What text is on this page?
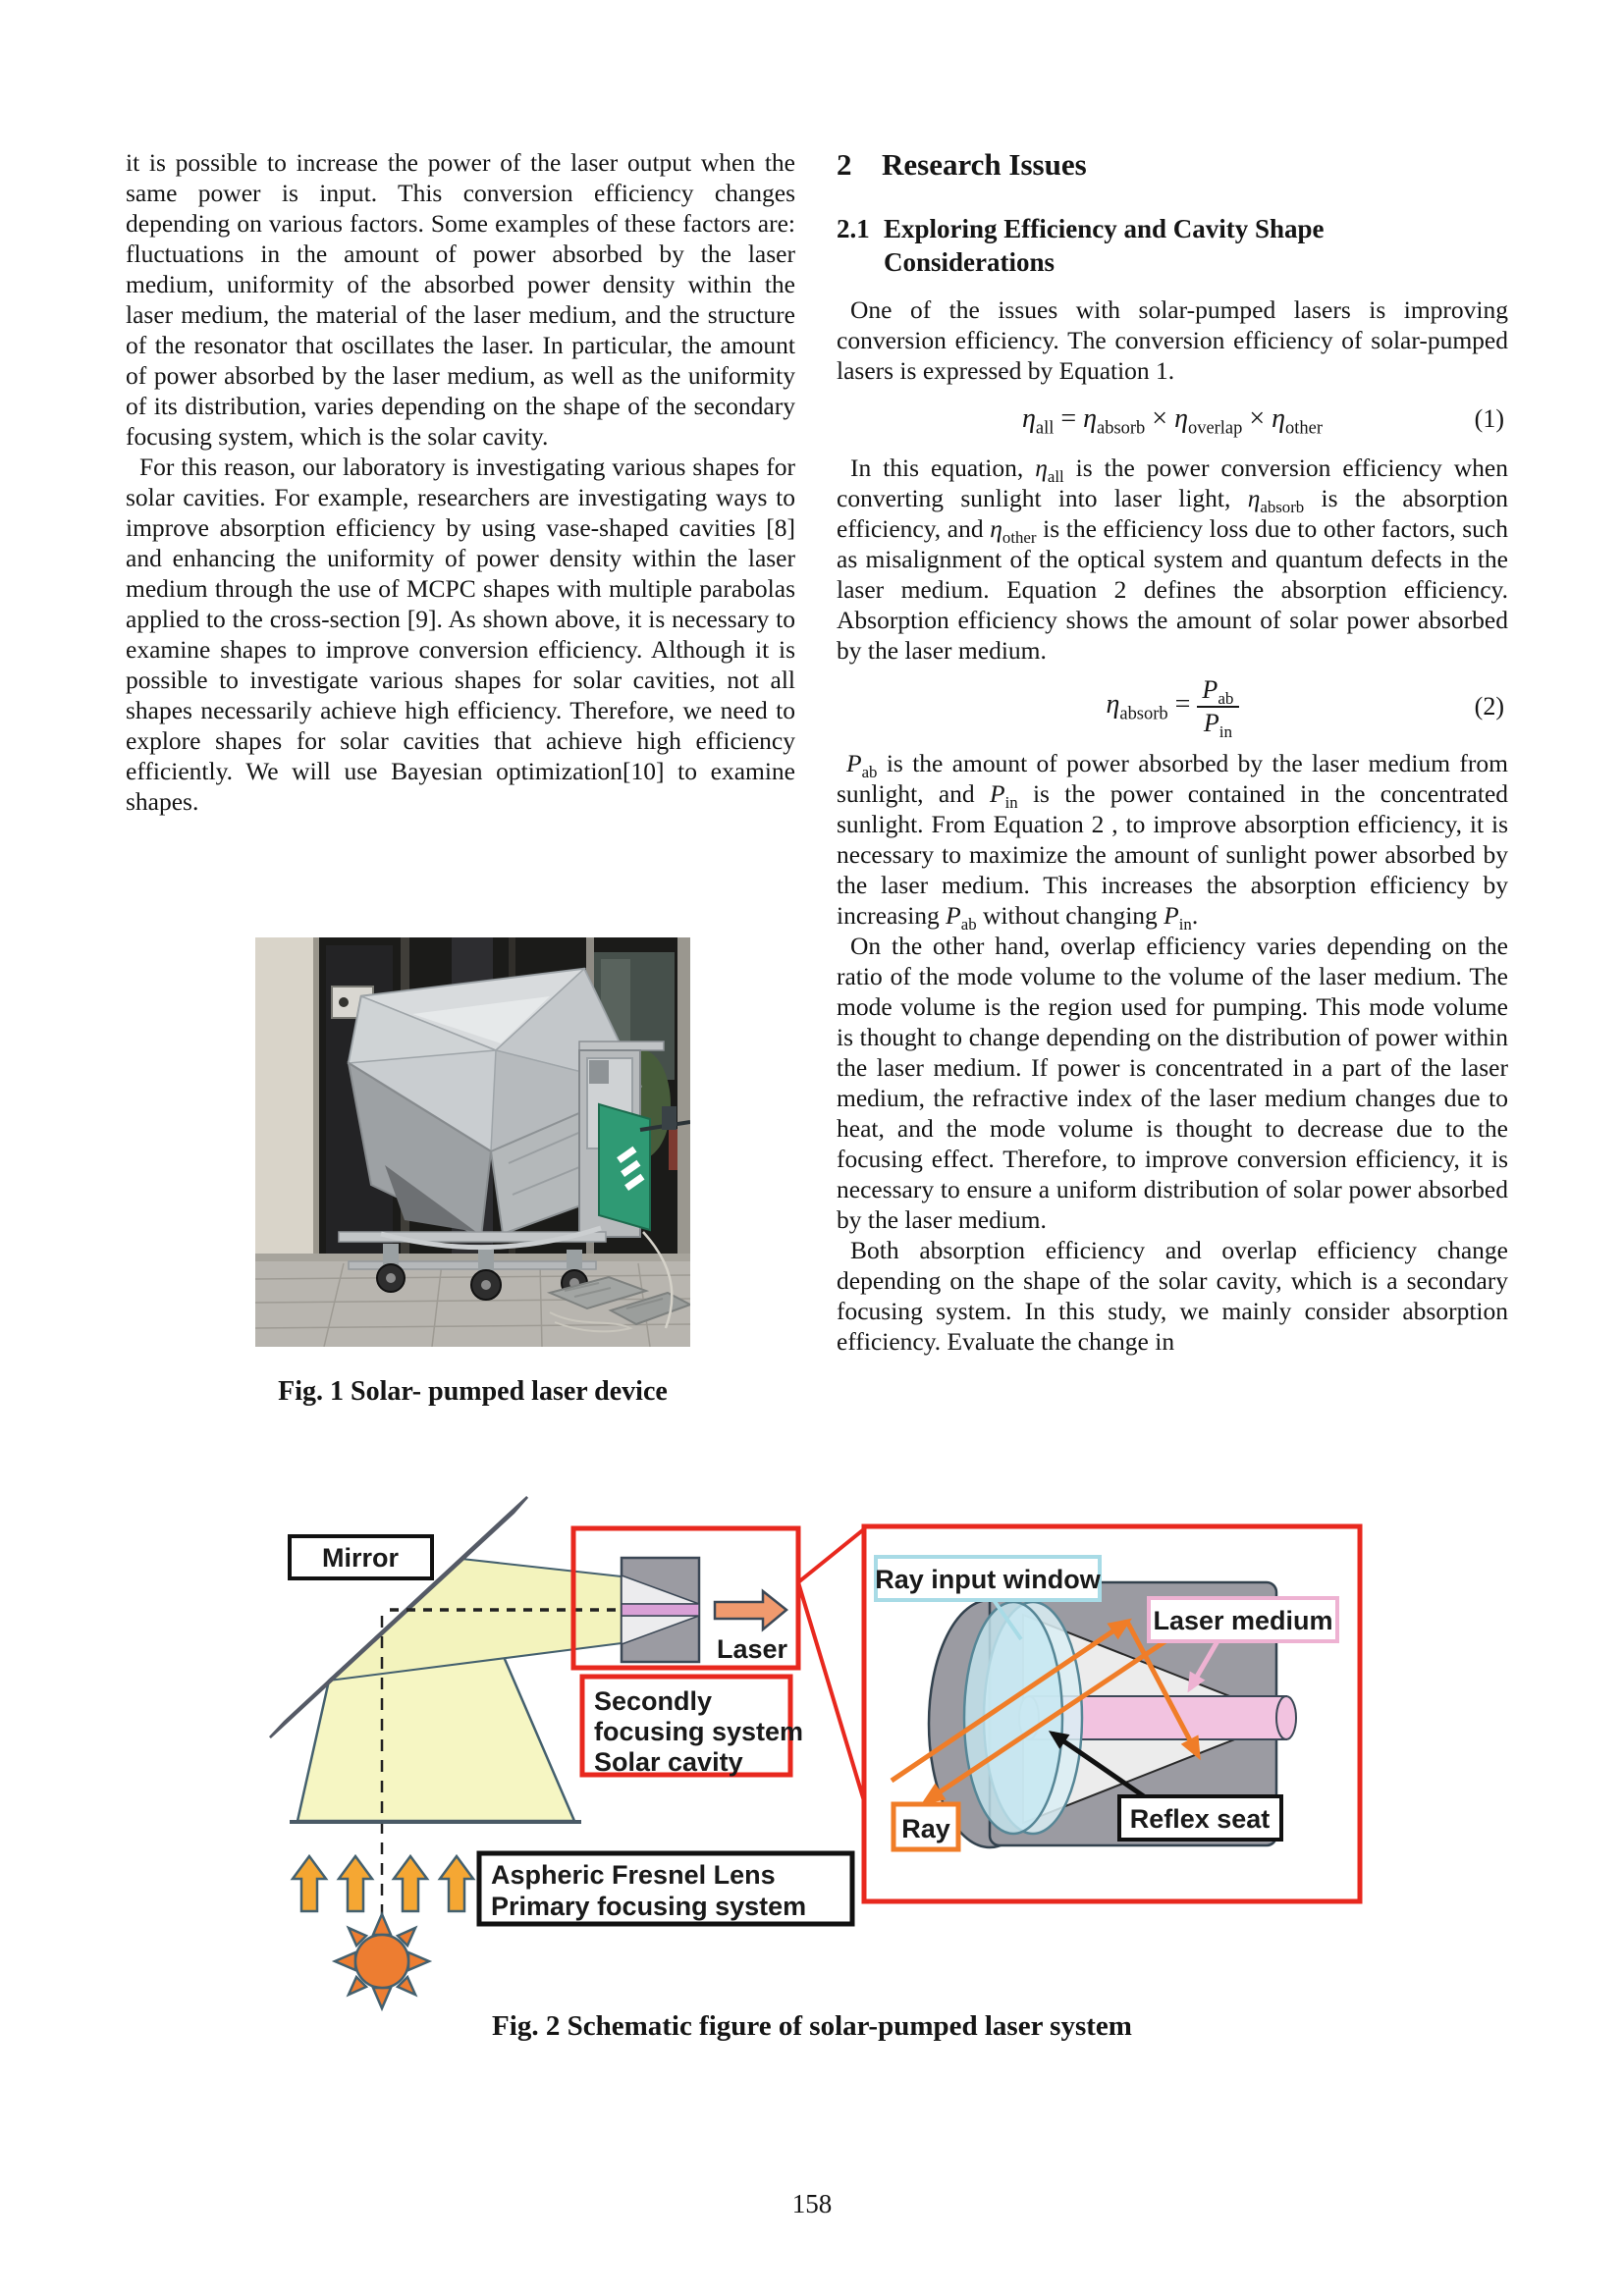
it is possible to increase the power of the laser output when the same power is input. This conversion efficiency changes depending on various factors. Some examples of these factors are: fluctuations in the amount of power absorbed by the laser medium, uniformity of the absorbed power density within the laser medium, the material of the laser medium, and the structure of the resonator that oscillates the laser. In particular, the amount of power absorbed by the laser medium, as well as the uniformity of its distribution, varies depending on the shape of the secondary focusing system, which is the solar cavity.

For this reason, our laboratory is investigating various shapes for solar cavities. For example, researchers are investigating ways to improve absorption efficiency by using vase-shaped cavities [8] and enhancing the uniformity of power density within the laser medium through the use of MCPC shapes with multiple parabolas applied to the cross-section [9]. As shown above, it is necessary to examine shapes to improve conversion efficiency. Although it is possible to investigate various shapes for solar cavities, not all shapes necessarily achieve high efficiency. Therefore, we need to explore shapes for solar cavities that achieve high efficiency efficiently. We will use Bayesian optimization[10] to examine shapes.

Fig. 1 Solar- pumped laser device
2 Research Issues
2.1 Exploring Efficiency and Cavity Shape
Considerations

One of the issues with solar-pumped lasers is improving conversion efficiency. The conversion efficiency of solar-pumped lasers is expressed by Equation 1.

$\eta_{all} = \eta_{absorb} \times \eta_{overlap} \times \eta_{other}$	(1)

In this equation, $\eta_{all}$ is the power conversion efficiency when converting sunlight into laser light, $\eta_{absorb}$ is the absorption efficiency, and $\eta_{other}$ is the efficiency loss due to other factors, such as misalignment of the optical system and quantum defects in the laser medium. Equation 2 defines the absorption efficiency. Absorption efficiency shows the amount of solar power absorbed by the laser medium.

$\eta_{absorb} = \frac{P_{ab}}{P_{in}}$	(2)

$P_{ab}$ is the amount of power absorbed by the laser medium from sunlight, and $P_{in}$ is the power contained in the concentrated sunlight. From Equation 2 , to improve absorption efficiency, it is necessary to maximize the amount of sunlight power absorbed by the laser medium. This increases the absorption efficiency by increasing $P_{ab}$ without changing $P_{in}$.

On the other hand, overlap efficiency varies depending on the ratio of the mode volume to the volume of the laser medium. The mode volume is the region used for pumping. This mode volume is thought to change depending on the distribution of power within the laser medium. If power is concentrated in a part of the laser medium, the refractive index of the laser medium changes due to heat, and the mode volume is thought to decrease due to the focusing effect. Therefore, to improve conversion efficiency, it is necessary to ensure a uniform distribution of solar power absorbed by the laser medium.

Both absorption efficiency and overlap efficiency change depending on the shape of the solar cavity, which is a secondary focusing system. In this study, we mainly consider absorption efficiency. Evaluate the change in

Laser
Secondly
focusing system
Solar cavity
Mirror
Aspheric Fresnel Lens
Primary focusing system
Ray input window
Laser medium
Reflex seat
Ray
Fig. 2 Schematic figure of solar-pumped laser system
158
